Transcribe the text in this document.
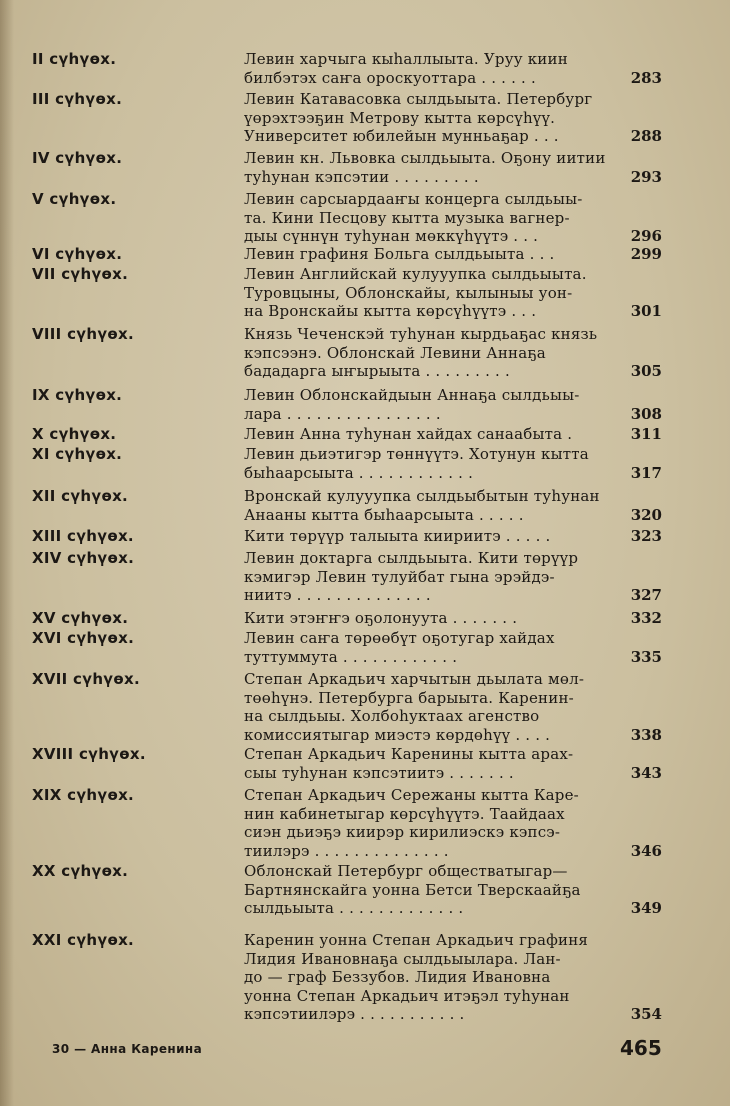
II сүһүөх.	Левин харчыга кыһаллыыта. Уруу киин
билбэтэх саҥа ороскуоттара . . . . . .	283
III сүһүөх.	Левин Катавасовка сылдьыыта. Петербург
үөрэхтээҕин Метрову кытта көрсүһүү.
Университет юбилейын мунньаҕар . . .	288
IV сүһүөх.	Левин кн. Львовка сылдьыыта. Оҕону иитии
туһунан кэпсэтии . . . . . . . . .	293
V сүһүөх.	Левин сарсыардааҥы концерга сылдьыы-
та. Кини Песцову кытта музыка вагнер-
дыы сүннүн туһунан мөккүһүүтэ . . .	296
VI сүһүөх.	Левин графиня Больга сылдьыыта . . .	299
VII сүһүөх.	Левин Английскай кулууупка сылдьыыта.
Туровцыны, Облонскайы, кылыныы уон-
на Вронскайы кытта көрсүһүүтэ . . .	301
VIII сүһүөх.	Князь Чеченскэй туһунан кырдьаҕас князь
кэпсээнэ. Облонскай Левини Аннаҕа
бададарга ыҥырыыта . . . . . . . . .	305
IX сүһүөх.	Левин Облонскайдыын Аннаҕа сылдьыы-
лара . . . . . . . . . . . . . . . .	308
X сүһүөх.	Левин Анна туһунан хайдах санаабыта .	311
XI сүһүөх.	Левин дьиэтигэр төннүүтэ. Хотунун кытта
быһаарсыыта . . . . . . . . . . . .	317
XII сүһүөх.	Вронскай кулууупка сылдьыбытын туһунан
Анааны кытта быһаарсыыта . . . . .	320
XIII сүһүөх.	Кити төрүүр талыыта киириитэ . . . . .	323
XIV сүһүөх.	Левин доктарга сылдьыыта. Кити төрүүр
кэмигэр Левин тулуйбат гына эрэйдэ-
ниитэ . . . . . . . . . . . . . .	327
XV сүһүөх.	Кити этэҥҥэ оҕолонуута . . . . . . .	332
XVI сүһүөх.	Левин саҥа төрөөбүт оҕотугар хайдах
туттуммута . . . . . . . . . . . .	335
XVII сүһүөх.	Степан Аркадьич харчытын дьылата мөл-
төөһүнэ. Петербурга барыыта. Каренин-
на сылдьыы. Холбоһуктаах агенство
комиссиятыгар миэстэ көрдөһүү . . . .	338
XVIII сүһүөх.	Степан Аркадьич Каренины кытта арах-
сыы туһунан кэпсэтиитэ . . . . . . .	343
XIX сүһүөх.	Степан Аркадьич Сережаны кытта Каре-
нин кабинетыгар көрсүһүүтэ. Таайдаах
сиэн дьиэҕэ киирэр кирилиэскэ кэпсэ-
тиилэрэ . . . . . . . . . . . . . .	346
XX сүһүөх.	Облонскай Петербург обществатыгар—
Бартнянскайга уонна Бетси Тверскаайҕа
сылдьыыта . . . . . . . . . . . . .	349
XXI сүһүөх.	Каренин уонна Степан Аркадьич графиня
Лидия Ивановнаҕа сылдьыылара. Лан-
до — граф Беззубов. Лидия Ивановна
уонна Степан Аркадьич итэҕэл туһунан
кэпсэтиилэрэ . . . . . . . . . . .	354
30 — Анна Каренина	465
